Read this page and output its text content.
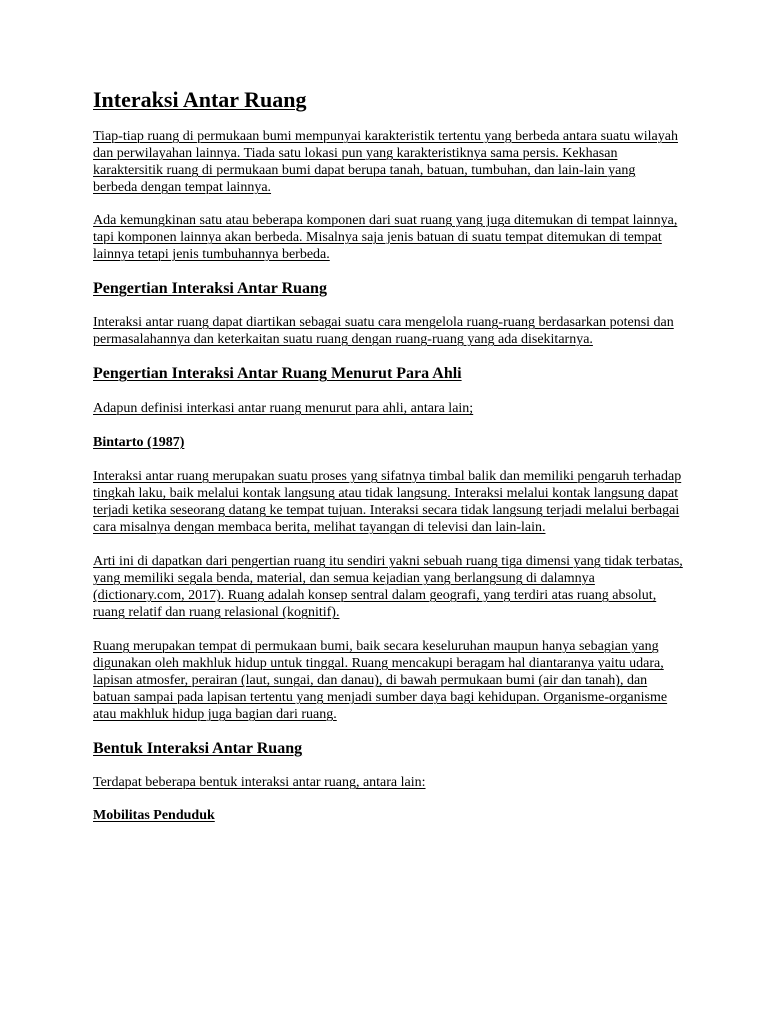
Interaksi Antar Ruang

Tiap-tiap ruang di permukaan bumi mempunyai karakteristik tertentu yang berbeda antara suatu wilayah dan perwilayahan lainnya. Tiada satu lokasi pun yang karakteristiknya sama persis. Kekhasan karaktersitik ruang di permukaan bumi dapat berupa tanah, batuan, tumbuhan, dan lain-lain yang berbeda dengan tempat lainnya.

Ada kemungkinan satu atau beberapa komponen dari suat ruang yang juga ditemukan di tempat lainnya, tapi komponen lainnya akan berbeda. Misalnya saja jenis batuan di suatu tempat ditemukan di tempat lainnya tetapi jenis tumbuhannya berbeda.

Pengertian Interaksi Antar Ruang

Interaksi antar ruang dapat diartikan sebagai suatu cara mengelola ruang-ruang berdasarkan potensi dan permasalahannya dan keterkaitan suatu ruang dengan ruang-ruang yang ada disekitarnya.

Pengertian Interaksi Antar Ruang Menurut Para Ahli

Adapun definisi interkasi antar ruang menurut para ahli, antara lain;

Bintarto (1987)

Interaksi antar ruang merupakan suatu proses yang sifatnya timbal balik dan memiliki pengaruh terhadap tingkah laku, baik melalui kontak langsung atau tidak langsung. Interaksi melalui kontak langsung dapat terjadi ketika seseorang datang ke tempat tujuan. Interaksi secara tidak langsung terjadi melalui berbagai cara misalnya dengan membaca berita, melihat tayangan di televisi dan lain-lain.

Arti ini di dapatkan dari pengertian ruang itu sendiri yakni sebuah ruang tiga dimensi yang tidak terbatas, yang memiliki segala benda, material, dan semua kejadian yang berlangsung di dalamnya (dictionary.com, 2017). Ruang adalah konsep sentral dalam geografi, yang terdiri atas ruang absolut, ruang relatif dan ruang relasional (kognitif).

Ruang merupakan tempat di permukaan bumi, baik secara keseluruhan maupun hanya sebagian yang digunakan oleh makhluk hidup untuk tinggal. Ruang mencakupi beragam hal diantaranya yaitu udara, lapisan atmosfer, perairan (laut, sungai, dan danau), di bawah permukaan bumi (air dan tanah), dan batuan sampai pada lapisan tertentu yang menjadi sumber daya bagi kehidupan. Organisme-organisme atau makhluk hidup juga bagian dari ruang.

Bentuk Interaksi Antar Ruang

Terdapat beberapa bentuk interaksi antar ruang, antara lain:

Mobilitas Penduduk
